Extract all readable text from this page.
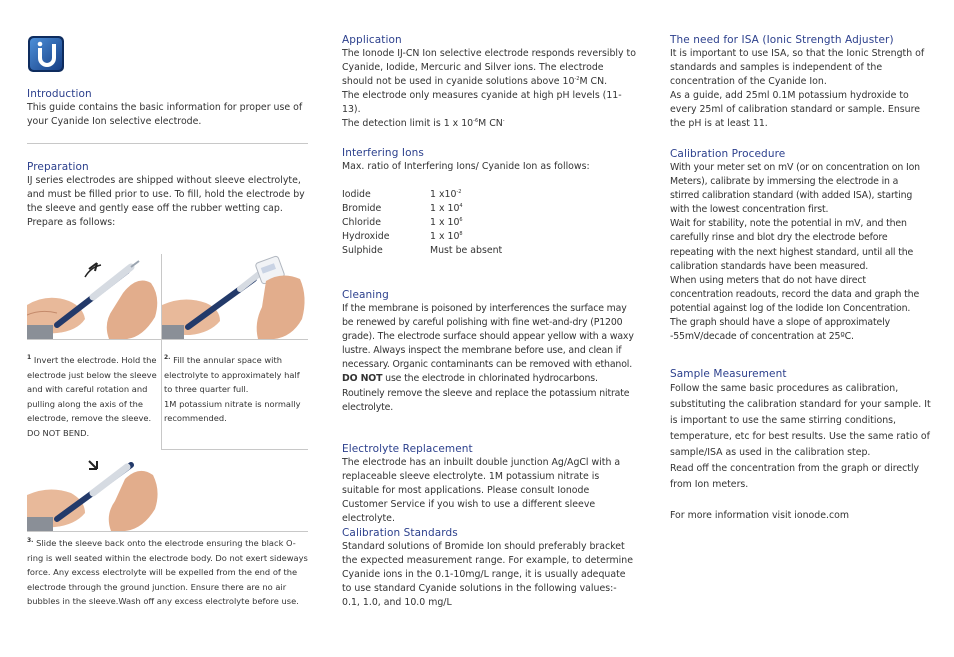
Introduction

This guide contains the basic information for proper use of your Cyanide Ion selective electrode.

Preparation

IJ series electrodes are shipped without sleeve electrolyte, and must be filled prior to use. To fill, hold the electrode by the sleeve and gently ease off the rubber wetting cap. Prepare as follows:

1.	2.

$^1$ Invert the electrode. Hold the electrode just below the sleeve and with careful rotation and pulling along the axis of the electrode, remove the sleeve. DO NOT BEND.

$^{2.}$ Fill the annular space with electrolyte to approximately half to three quarter full.
1M potassium nitrate is normally recommended.

3.

$^{3.}$ Slide the sleeve back onto the electrode ensuring the black O-ring is well seated within the electrode body. Do not exert sideways force. Any excess electrolyte will be expelled from the end of the electrode through the ground junction. Ensure there are no air bubbles in the sleeve.Wash off any excess electrolyte before use.

Application

The Ionode IJ-CN Ion selective electrode responds reversibly to Cyanide, Iodide, Mercuric and Silver ions. The electrode should not be used in cyanide solutions above $10^{-2}M$ CN.
The electrode only measures cyanide at high pH levels (11-13).
The detection limit is 1 x $10^{-6}M$ CN-

Interfering Ions

Max. ratio of Interfering Ions/ Cyanide Ion as follows:

Iodide	1 $x10^{-2}$
Bromide	1 x $10^4$
Chloride	1 x $10^6$
Hydroxide	1 x $10^8$
Sulphide	Must be absent
Cleaning

If the membrane is poisoned by interferences the surface may be renewed by careful polishing with fine wet-and-dry (P1200 grade). The electrode surface should appear yellow with a waxy lustre. Always inspect the membrane before use, and clean if necessary. Organic contaminants can be removed with ethanol. DO NOT use the electrode in chlorinated hydrocarbons. Routinely remove the sleeve and replace the potassium nitrate electrolyte.

Electrolyte Replacement

The electrode has an inbuilt double junction Ag/AgCl with a replaceable sleeve electrolyte. 1M potassium nitrate is suitable for most applications. Please consult Ionode Customer Service if you wish to use a different sleeve electrolyte.

Calibration Standards

Standard solutions of Bromide Ion should preferably bracket the expected measurement range. For example, to determine Cyanide ions in the 0.1-10mg/L range, it is usually adequate to use standard Cyanide solutions in the following values:-

0.1, 1.0, and 10.0 mg/L

The need for ISA (Ionic Strength Adjuster)

It is important to use ISA, so that the Ionic Strength of standards and samples is independent of the concentration of the Cyanide Ion.

As a guide, add 25ml 0.1M potassium hydroxide to every 25ml of calibration standard or sample. Ensure the pH is at least 11.

Calibration Procedure

With your meter set on mV (or on concentration on Ion Meters), calibrate by immersing the electrode in a stirred calibration standard (with added ISA), starting with the lowest concentration first.

Wait for stability, note the potential in mV, and then carefully rinse and blot dry the electrode before repeating with the next highest standard, until all the calibration standards have been measured.

When using meters that do not have direct concentration readouts, record the data and graph the potential against log of the Iodide Ion Concentration. The graph should have a slope of approximately -55mV/decade of concentration at 25ºC.

Sample Measurement

Follow the same basic procedures as calibration, substituting the calibration standard for your sample. It is important to use the same stirring conditions, temperature, etc for best results. Use the same ratio of sample/ISA as used in the calibration step.

Read off the concentration from the graph or directly from Ion meters.

For more information visit ionode.com
